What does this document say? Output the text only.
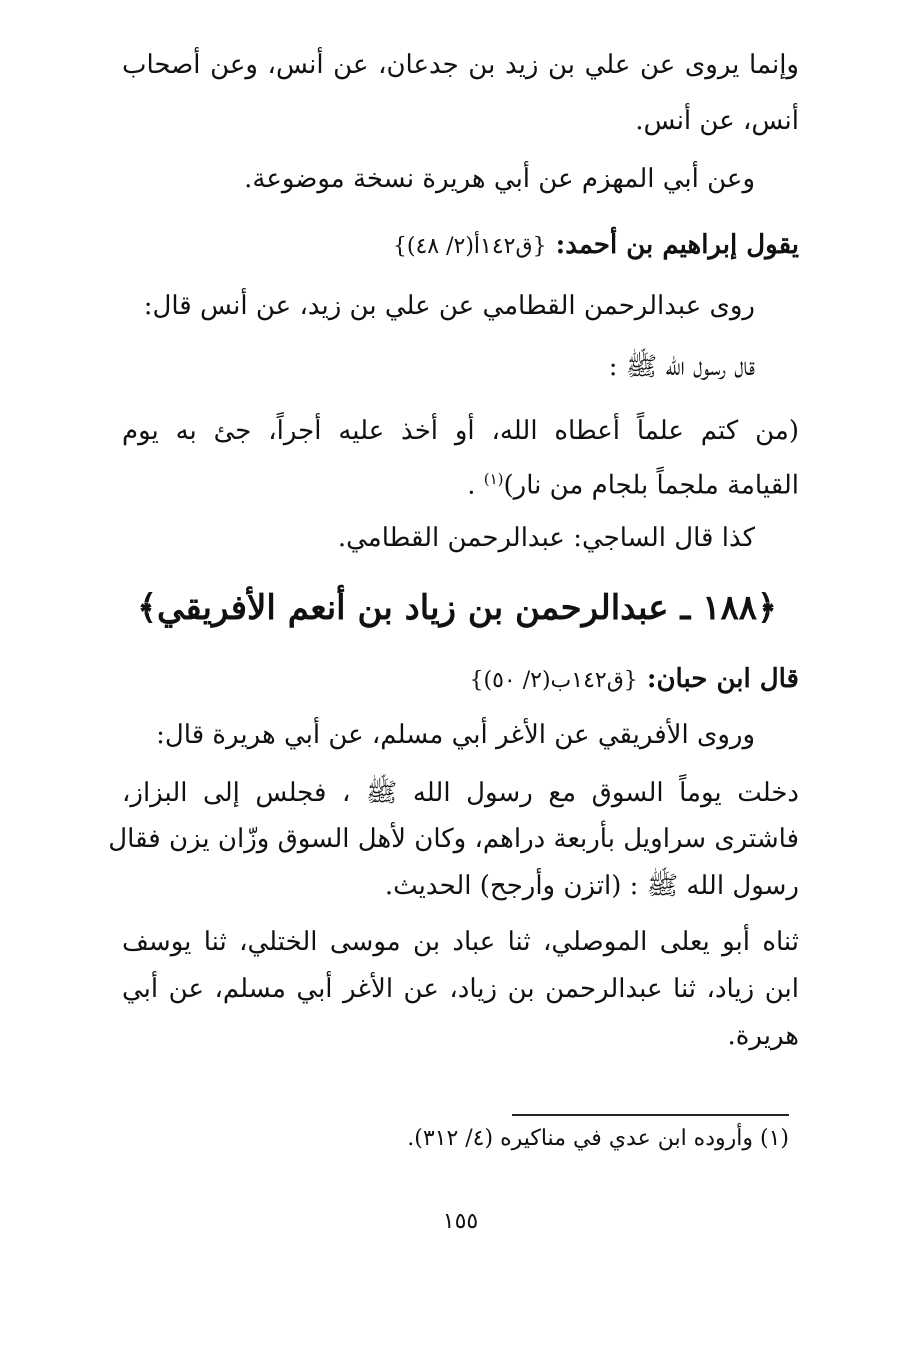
وإنما يروى عن علي بن زيد بن جدعان، عن أنس، وعن أصحاب
أنس، عن أنس.
وعن أبي المهزم عن أبي هريرة نسخة موضوعة.
يقول إبراهيم بن أحمد: {ق١٤٢أ(٢/ ٤٨)}
روى عبدالرحمن القطامي عن علي بن زيد، عن أنس قال:
قال رسول الله ﷺ :
(من كتم علماً أعطاه الله، أو أخذ عليه أجراً، جئ به يوم
القيامة ملجماً بلجام من نار)$^{(١)}$ .
كذا قال الساجي: عبدالرحمن القطامي.
﴿١٨٨ ـ عبدالرحمن بن زياد بن أنعم الأفريقي﴾
قال ابن حبان: {ق١٤٢ب(٢/ ٥٠)}
وروى الأفريقي عن الأغر أبي مسلم، عن أبي هريرة قال:
دخلت يوماً السوق مع رسول الله ﷺ ، فجلس إلى البزاز،
فاشترى سراويل بأربعة دراهم، وكان لأهل السوق وزّان يزن فقال
رسول الله ﷺ : (اتزن وأرجح) الحديث.
ثناه أبو يعلى الموصلي، ثنا عباد بن موسى الختلي، ثنا يوسف
ابن زياد، ثنا عبدالرحمن بن زياد، عن الأغر أبي مسلم، عن أبي
هريرة.
(١) وأروده ابن عدي في مناكيره (٤/ ٣١٢).
١٥٥
